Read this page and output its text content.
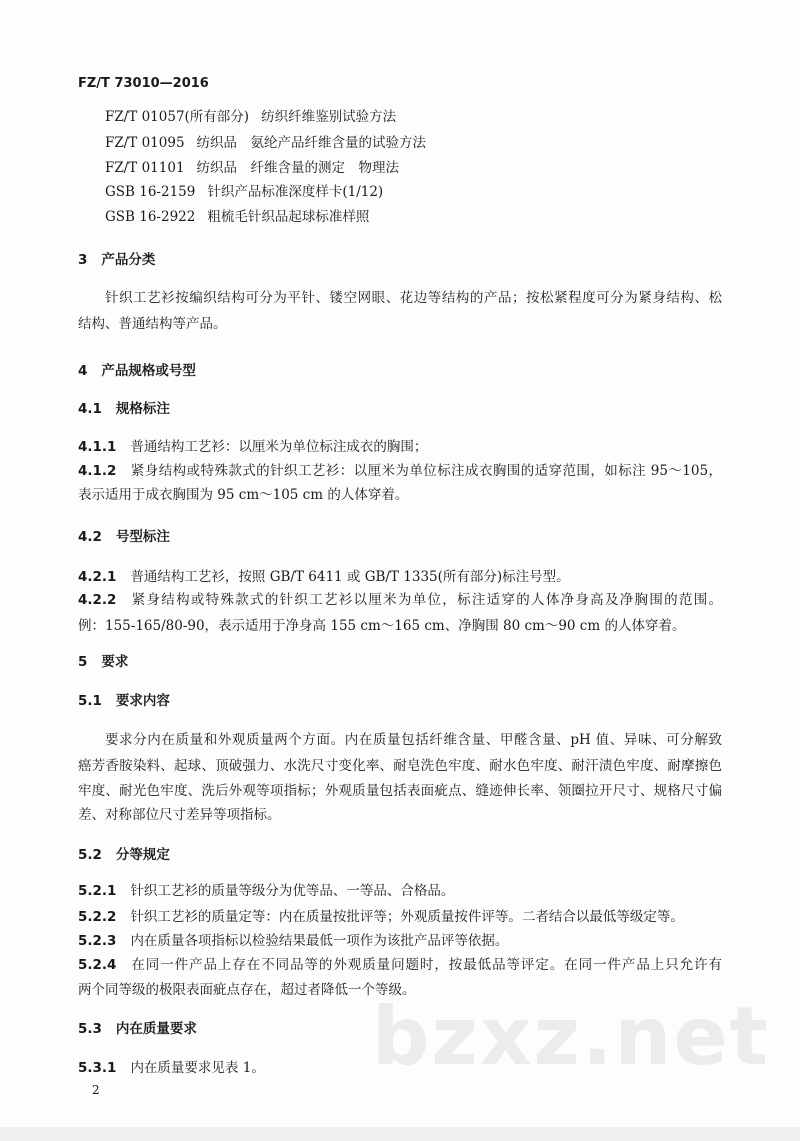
FZ/T 73010—2016
FZ/T 01057(所有部分) 纺织纤维鉴别试验方法
FZ/T 01095 纺织品　氨纶产品纤维含量的试验方法
FZ/T 01101 纺织品　纤维含量的测定　物理法
GSB 16-2159 针织产品标准深度样卡(1/12)
GSB 16-2922 粗梳毛针织品起球标准样照
3 产品分类
针织工艺衫按编织结构可分为平针、镂空网眼、花边等结构的产品；按松紧程度可分为紧身结构、松
结构、普通结构等产品。
4 产品规格或号型
4.1 规格标注
4.1.1 普通结构工艺衫：以厘米为单位标注成衣的胸围；
4.1.2 紧身结构或特殊款式的针织工艺衫：以厘米为单位标注成衣胸围的适穿范围，如标注 95～105，
表示适用于成衣胸围为 95 cm～105 cm 的人体穿着。
4.2 号型标注
4.2.1 普通结构工艺衫，按照 GB/T 6411 或 GB/T 1335(所有部分)标注号型。
4.2.2 紧身结构或特殊款式的针织工艺衫以厘米为单位，标注适穿的人体净身高及净胸围的范围。
例：155-165/80-90，表示适用于净身高 155 cm～165 cm、净胸围 80 cm～90 cm 的人体穿着。
5 要求
5.1 要求内容
要求分内在质量和外观质量两个方面。内在质量包括纤维含量、甲醛含量、pH 值、异味、可分解致
癌芳香胺染料、起球、顶破强力、水洗尺寸变化率、耐皂洗色牢度、耐水色牢度、耐汗渍色牢度、耐摩擦色
牢度、耐光色牢度、洗后外观等项指标；外观质量包括表面疵点、缝迹伸长率、领圈拉开尺寸、规格尺寸偏
差、对称部位尺寸差异等项指标。
5.2 分等规定
5.2.1 针织工艺衫的质量等级分为优等品、一等品、合格品。
5.2.2 针织工艺衫的质量定等：内在质量按批评等；外观质量按件评等。二者结合以最低等级定等。
5.2.3 内在质量各项指标以检验结果最低一项作为该批产品评等依据。
5.2.4 在同一件产品上存在不同品等的外观质量问题时，按最低品等评定。在同一件产品上只允许有
两个同等级的极限表面疵点存在，超过者降低一个等级。
bzxz.net
5.3 内在质量要求
5.3.1 内在质量要求见表 1。
2
